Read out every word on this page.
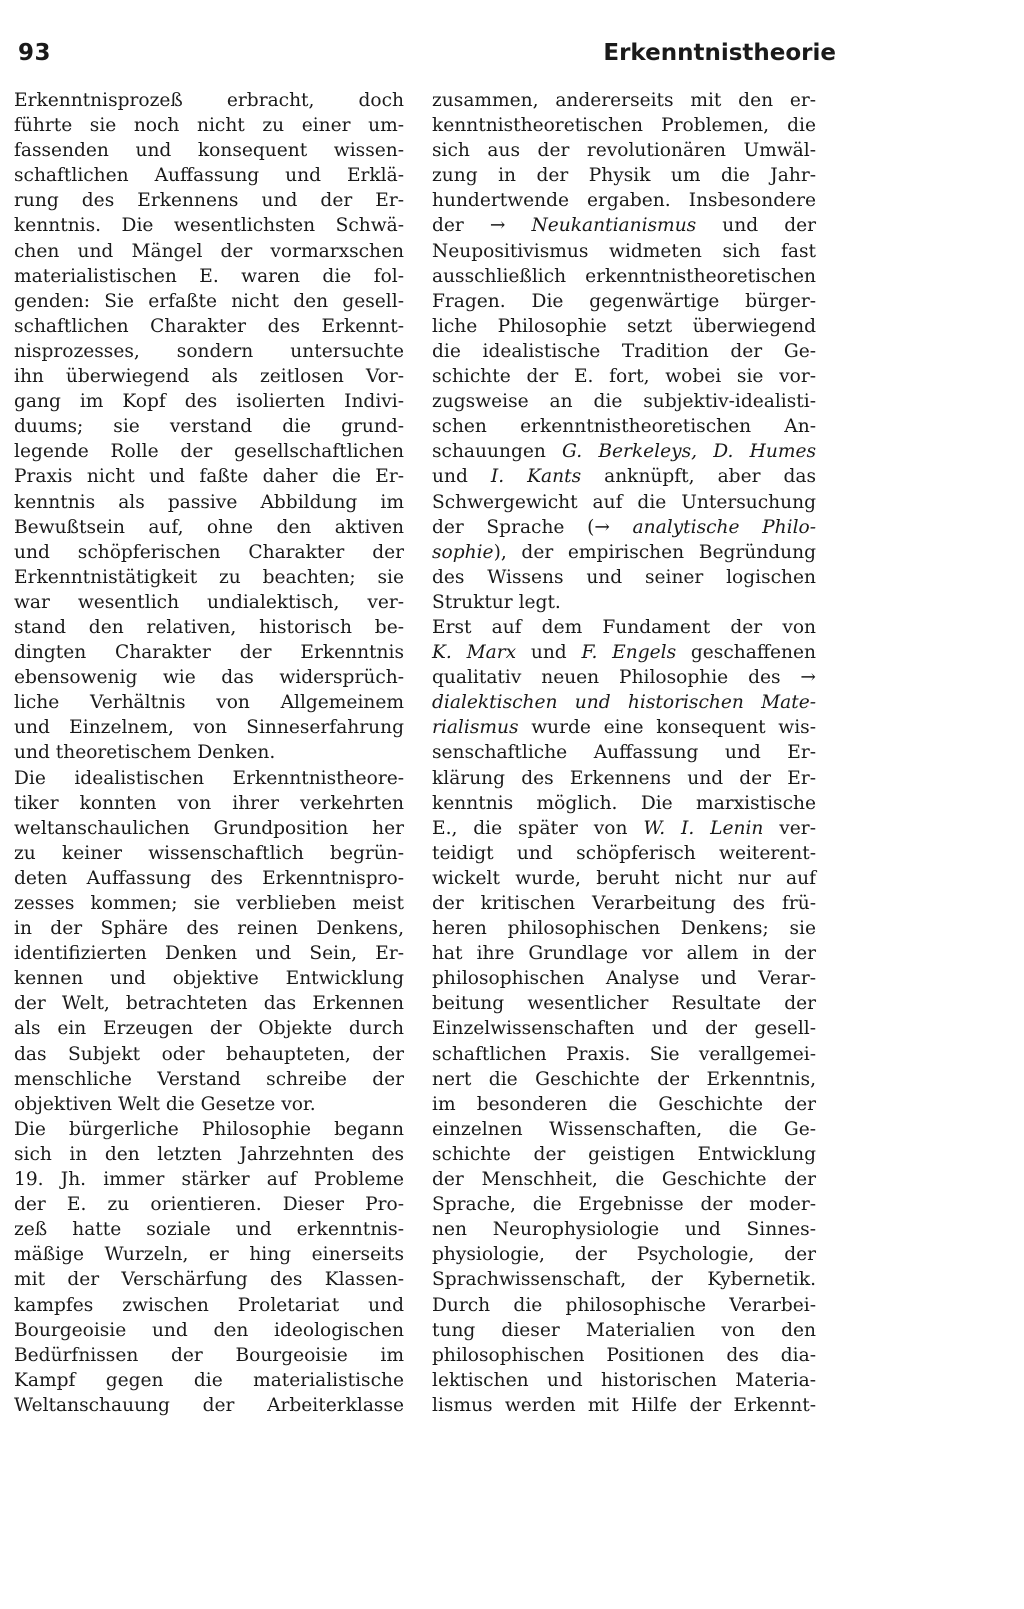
93	Erkenntnistheorie
Erkenntnisprozeß erbracht, doch
führte sie noch nicht zu einer um-
fassenden und konsequent wissen-
schaftlichen Auffassung und Erklä-
rung des Erkennens und der Er-
kenntnis. Die wesentlichsten Schwä-
chen und Mängel der vormarxschen
materialistischen E. waren die fol-
genden: Sie erfaßte nicht den gesell-
schaftlichen Charakter des Erkennt-
nisprozesses, sondern untersuchte
ihn überwiegend als zeitlosen Vor-
gang im Kopf des isolierten Indivi-
duums; sie verstand die grund-
legende Rolle der gesellschaftlichen
Praxis nicht und faßte daher die Er-
kenntnis als passive Abbildung im
Bewußtsein auf, ohne den aktiven
und schöpferischen Charakter der
Erkenntnistätigkeit zu beachten; sie
war wesentlich undialektisch, ver-
stand den relativen, historisch be-
dingten Charakter der Erkenntnis
ebensowenig wie das widersprüch-
liche Verhältnis von Allgemeinem
und Einzelnem, von Sinneserfahrung
und theoretischem Denken.
Die idealistischen Erkenntnistheore-
tiker konnten von ihrer verkehrten
weltanschaulichen Grundposition her
zu keiner wissenschaftlich begrün-
deten Auffassung des Erkenntnispro-
zesses kommen; sie verblieben meist
in der Sphäre des reinen Denkens,
identifizierten Denken und Sein, Er-
kennen und objektive Entwicklung
der Welt, betrachteten das Erkennen
als ein Erzeugen der Objekte durch
das Subjekt oder behaupteten, der
menschliche Verstand schreibe der
objektiven Welt die Gesetze vor.
Die bürgerliche Philosophie begann
sich in den letzten Jahrzehnten des
19. Jh. immer stärker auf Probleme
der E. zu orientieren. Dieser Pro-
zeß hatte soziale und erkenntnis-
mäßige Wurzeln, er hing einerseits
mit der Verschärfung des Klassen-
kampfes zwischen Proletariat und
Bourgeoisie und den ideologischen
Bedürfnissen der Bourgeoisie im
Kampf gegen die materialistische
Weltanschauung der Arbeiterklasse
zusammen, andererseits mit den er-
kenntnistheoretischen Problemen, die
sich aus der revolutionären Umwäl-
zung in der Physik um die Jahr-
hundertwende ergaben. Insbesondere
der → Neukantianismus und der
Neupositivismus widmeten sich fast
ausschließlich erkenntnistheoretischen
Fragen. Die gegenwärtige bürger-
liche Philosophie setzt überwiegend
die idealistische Tradition der Ge-
schichte der E. fort, wobei sie vor-
zugsweise an die subjektiv-idealisti-
schen erkenntnistheoretischen An-
schauungen G. Berkeleys, D. Humes
und I. Kants anknüpft, aber das
Schwergewicht auf die Untersuchung
der Sprache (→ analytische Philo-
sophie), der empirischen Begründung
des Wissens und seiner logischen
Struktur legt.
Erst auf dem Fundament der von
K. Marx und F. Engels geschaffenen
qualitativ neuen Philosophie des →
dialektischen und historischen Mate-
rialismus wurde eine konsequent wis-
senschaftliche Auffassung und Er-
klärung des Erkennens und der Er-
kenntnis möglich. Die marxistische
E., die später von W. I. Lenin ver-
teidigt und schöpferisch weiterent-
wickelt wurde, beruht nicht nur auf
der kritischen Verarbeitung des frü-
heren philosophischen Denkens; sie
hat ihre Grundlage vor allem in der
philosophischen Analyse und Verar-
beitung wesentlicher Resultate der
Einzelwissenschaften und der gesell-
schaftlichen Praxis. Sie verallgemei-
nert die Geschichte der Erkenntnis,
im besonderen die Geschichte der
einzelnen Wissenschaften, die Ge-
schichte der geistigen Entwicklung
der Menschheit, die Geschichte der
Sprache, die Ergebnisse der moder-
nen Neurophysiologie und Sinnes-
physiologie, der Psychologie, der
Sprachwissenschaft, der Kybernetik.
Durch die philosophische Verarbei-
tung dieser Materialien von den
philosophischen Positionen des dia-
lektischen und historischen Materia-
lismus werden mit Hilfe der Erkennt-
